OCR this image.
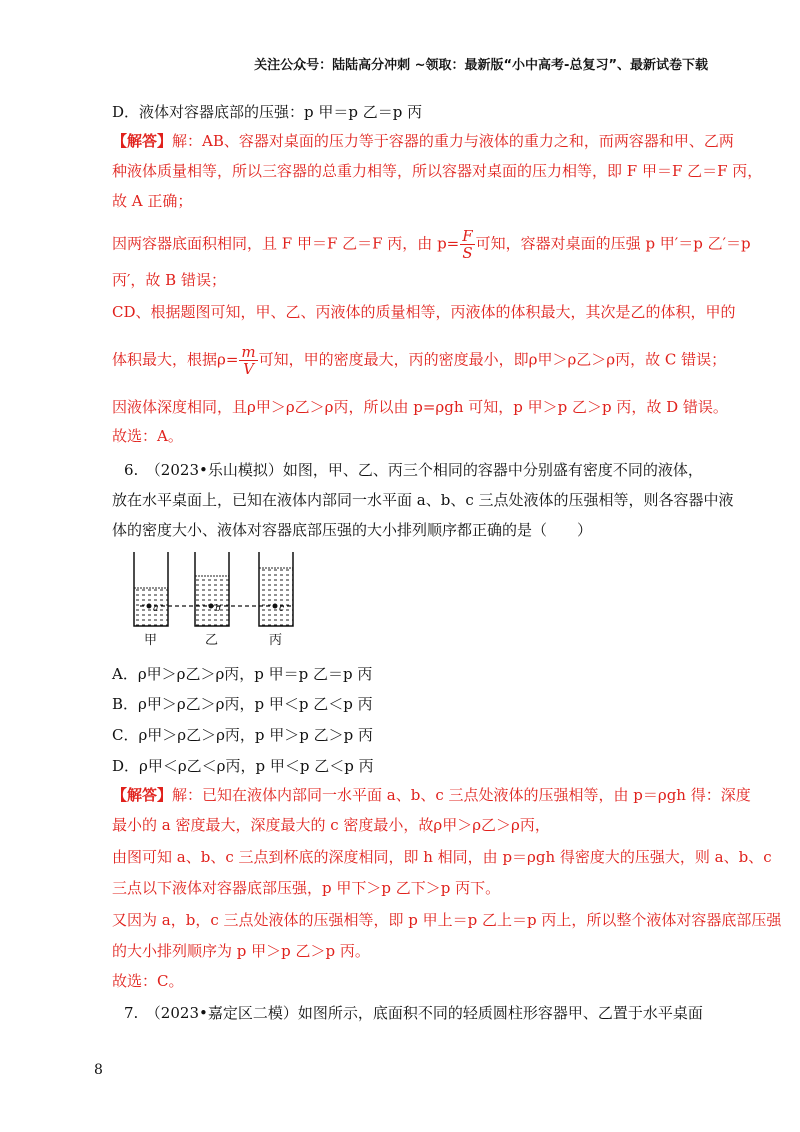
关注公众号：陆陆高分冲刺 ~领取：最新版“小中高考-总复习”、最新试卷下载
D．液体对容器底部的压强：p 甲＝p 乙＝p 丙
【解答】解：AB、容器对桌面的压力等于容器的重力与液体的重力之和，而两容器和甲、乙两
种液体质量相等，所以三容器的总重力相等，所以容器对桌面的压力相等，即 F 甲＝F 乙＝F 丙，
故 A 正确；
因两容器底面积相同，且 F 甲＝F 乙＝F 丙，由 $p= \frac{F}{S}$ 可知，容器对桌面的压强 p 甲′＝p 乙′＝p
丙′，故 B 错误；
CD、根据题图可知，甲、乙、丙液体的质量相等，丙液体的体积最大，其次是乙的体积，甲的
体积最大，根据$\rho= \frac{m}{V}$ 可知，甲的密度最大，丙的密度最小，即ρ甲＞ρ乙＞ρ丙，故 C 错误；
因液体深度相同，且ρ甲＞ρ乙＞ρ丙，所以由 p=ρgh 可知，p 甲＞p 乙＞p 丙，故 D 错误。
故选：A。
6.　（2023•乐山模拟）如图，甲、乙、丙三个相同的容器中分别盛有密度不同的液体，
放在水平桌面上，已知在液体内部同一水平面 a、b、c 三点处液体的压强相等，则各容器中液
体的密度大小、液体对容器底部压强的大小排列顺序都正确的是（　　）
a	b	c
甲	乙	丙
A．ρ甲＞ρ乙＞ρ丙，p 甲＝p 乙＝p 丙
B．ρ甲＞ρ乙＞ρ丙，p 甲＜p 乙＜p 丙
C．ρ甲＞ρ乙＞ρ丙，p 甲＞p 乙＞p 丙
D．ρ甲＜ρ乙＜ρ丙，p 甲＜p 乙＜p 丙
【解答】解：已知在液体内部同一水平面 a、b、c 三点处液体的压强相等，由 p＝ρgh 得：深度
最小的 a 密度最大，深度最大的 c 密度最小，故ρ甲＞ρ乙＞ρ丙，
由图可知 a、b、c 三点到杯底的深度相同，即 h 相同，由 p＝ρgh 得密度大的压强大，则 a、b、c
三点以下液体对容器底部压强，p 甲下＞p 乙下＞p 丙下。
又因为 a，b，c 三点处液体的压强相等，即 p 甲上＝p 乙上＝p 丙上，所以整个液体对容器底部压强
的大小排列顺序为 p 甲＞p 乙＞p 丙。
故选：C。
7.　（2023•嘉定区二模）如图所示，底面积不同的轻质圆柱形容器甲、乙置于水平桌面
8
